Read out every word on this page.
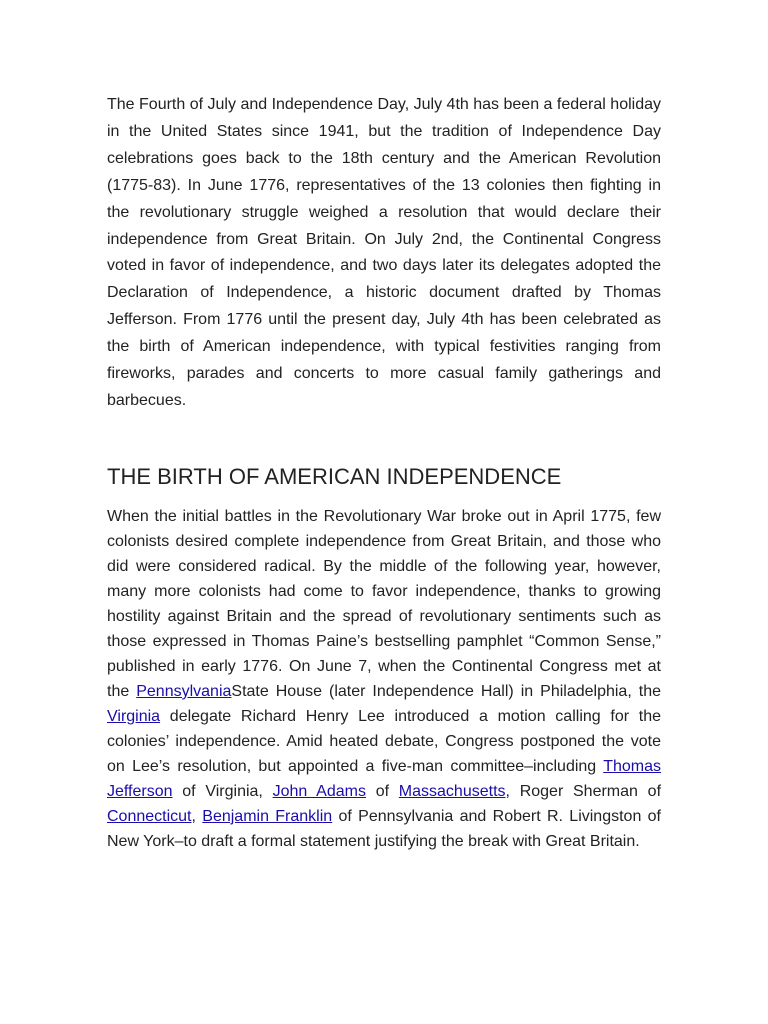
The Fourth of July and Independence Day, July 4th has been a federal holiday in the United States since 1941, but the tradition of Independence Day celebrations goes back to the 18th century and the American Revolution (1775-83). In June 1776, representatives of the 13 colonies then fighting in the revolutionary struggle weighed a resolution that would declare their independence from Great Britain. On July 2nd, the Continental Congress voted in favor of independence, and two days later its delegates adopted the Declaration of Independence, a historic document drafted by Thomas Jefferson. From 1776 until the present day, July 4th has been celebrated as the birth of American independence, with typical festivities ranging from fireworks, parades and concerts to more casual family gatherings and barbecues.

THE BIRTH OF AMERICAN INDEPENDENCE

When the initial battles in the Revolutionary War broke out in April 1775, few colonists desired complete independence from Great Britain, and those who did were considered radical. By the middle of the following year, however, many more colonists had come to favor independence, thanks to growing hostility against Britain and the spread of revolutionary sentiments such as those expressed in Thomas Paine’s bestselling pamphlet “Common Sense,” published in early 1776. On June 7, when the Continental Congress met at the PennsylvaniaState House (later Independence Hall) in Philadelphia, the Virginia delegate Richard Henry Lee introduced a motion calling for the colonies’ independence. Amid heated debate, Congress postponed the vote on Lee’s resolution, but appointed a five-man committee–including Thomas Jefferson of Virginia, John Adams of Massachusetts, Roger Sherman of Connecticut, Benjamin Franklin of Pennsylvania and Robert R. Livingston of New York–to draft a formal statement justifying the break with Great Britain.
